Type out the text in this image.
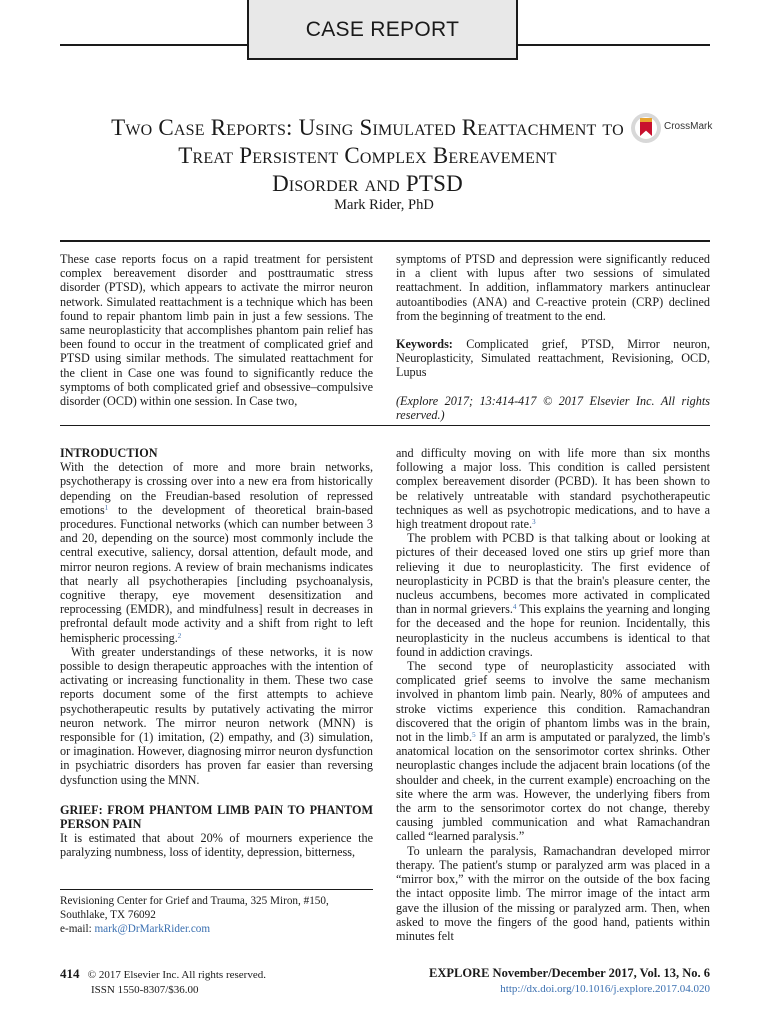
CASE REPORT
Two Case Reports: Using Simulated Reattachment to
Treat Persistent Complex Bereavement
Disorder and PTSD
Mark Rider, PhD
CrossMark

These case reports focus on a rapid treatment for persistent complex bereavement disorder and posttraumatic stress disorder (PTSD), which appears to activate the mirror neuron network. Simulated reattachment is a technique which has been found to repair phantom limb pain in just a few sessions. The same neuroplasticity that accomplishes phantom pain relief has been found to occur in the treatment of complicated grief and PTSD using similar methods. The simulated reattachment for the client in Case one was found to significantly reduce the symptoms of both complicated grief and obsessive–compulsive disorder (OCD) within one session. In Case two,

symptoms of PTSD and depression were significantly reduced in a client with lupus after two sessions of simulated reattachment. In addition, inflammatory markers antinuclear autoantibodies (ANA) and C-reactive protein (CRP) declined from the beginning of treatment to the end.

Keywords: Complicated grief, PTSD, Mirror neuron, Neuroplasticity, Simulated reattachment, Revisioning, OCD, Lupus

(Explore 2017; 13:414-417 © 2017 Elsevier Inc. All rights reserved.)

INTRODUCTION

With the detection of more and more brain networks, psychotherapy is crossing over into a new era from historically depending on the Freudian-based resolution of repressed emotions$^1$ to the development of theoretical brain-based procedures. Functional networks (which can number between 3 and 20, depending on the source) most commonly include the central executive, saliency, dorsal attention, default mode, and mirror neuron regions. A review of brain mechanisms indicates that nearly all psychotherapies [including psychoanalysis, cognitive therapy, eye movement desensitization and reprocessing (EMDR), and mindfulness] result in decreases in prefrontal default mode activity and a shift from right to left hemispheric processing.$^2$

With greater understandings of these networks, it is now possible to design therapeutic approaches with the intention of activating or increasing functionality in them. These two case reports document some of the first attempts to achieve psychotherapeutic results by putatively activating the mirror neuron network. The mirror neuron network (MNN) is responsible for (1) imitation, (2) empathy, and (3) simulation, or imagination. However, diagnosing mirror neuron dysfunction in psychiatric disorders has proven far easier than reversing dysfunction using the MNN.

GRIEF: FROM PHANTOM LIMB PAIN TO PHANTOM PERSON PAIN

It is estimated that about 20% of mourners experience the paralyzing numbness, loss of identity, depression, bitterness,

Revisioning Center for Grief and Trauma, 325 Miron, #150, Southlake, TX 76092
e-mail: mark@DrMarkRider.com

and difficulty moving on with life more than six months following a major loss. This condition is called persistent complex bereavement disorder (PCBD). It has been shown to be relatively untreatable with standard psychotherapeutic techniques as well as psychotropic medications, and to have a high treatment dropout rate.$^3$

The problem with PCBD is that talking about or looking at pictures of their deceased loved one stirs up grief more than relieving it due to neuroplasticity. The first evidence of neuroplasticity in PCBD is that the brain's pleasure center, the nucleus accumbens, becomes more activated in complicated than in normal grievers.$^4$ This explains the yearning and longing for the deceased and the hope for reunion. Incidentally, this neuroplasticity in the nucleus accumbens is identical to that found in addiction cravings.

The second type of neuroplasticity associated with complicated grief seems to involve the same mechanism involved in phantom limb pain. Nearly, 80% of amputees and stroke victims experience this condition. Ramachandran discovered that the origin of phantom limbs was in the brain, not in the limb.$^5$ If an arm is amputated or paralyzed, the limb's anatomical location on the sensorimotor cortex shrinks. Other neuroplastic changes include the adjacent brain locations (of the shoulder and cheek, in the current example) encroaching on the site where the arm was. However, the underlying fibers from the arm to the sensorimotor cortex do not change, thereby causing jumbled communication and what Ramachandran called “learned paralysis.”

To unlearn the paralysis, Ramachandran developed mirror therapy. The patient's stump or paralyzed arm was placed in a “mirror box,” with the mirror on the outside of the box facing the intact opposite limb. The mirror image of the intact arm gave the illusion of the missing or paralyzed arm. Then, when asked to move the fingers of the good hand, patients within minutes felt

414 © 2017 Elsevier Inc. All rights reserved.
ISSN 1550-8307/$36.00
EXPLORE November/December 2017, Vol. 13, No. 6
http://dx.doi.org/10.1016/j.explore.2017.04.020
